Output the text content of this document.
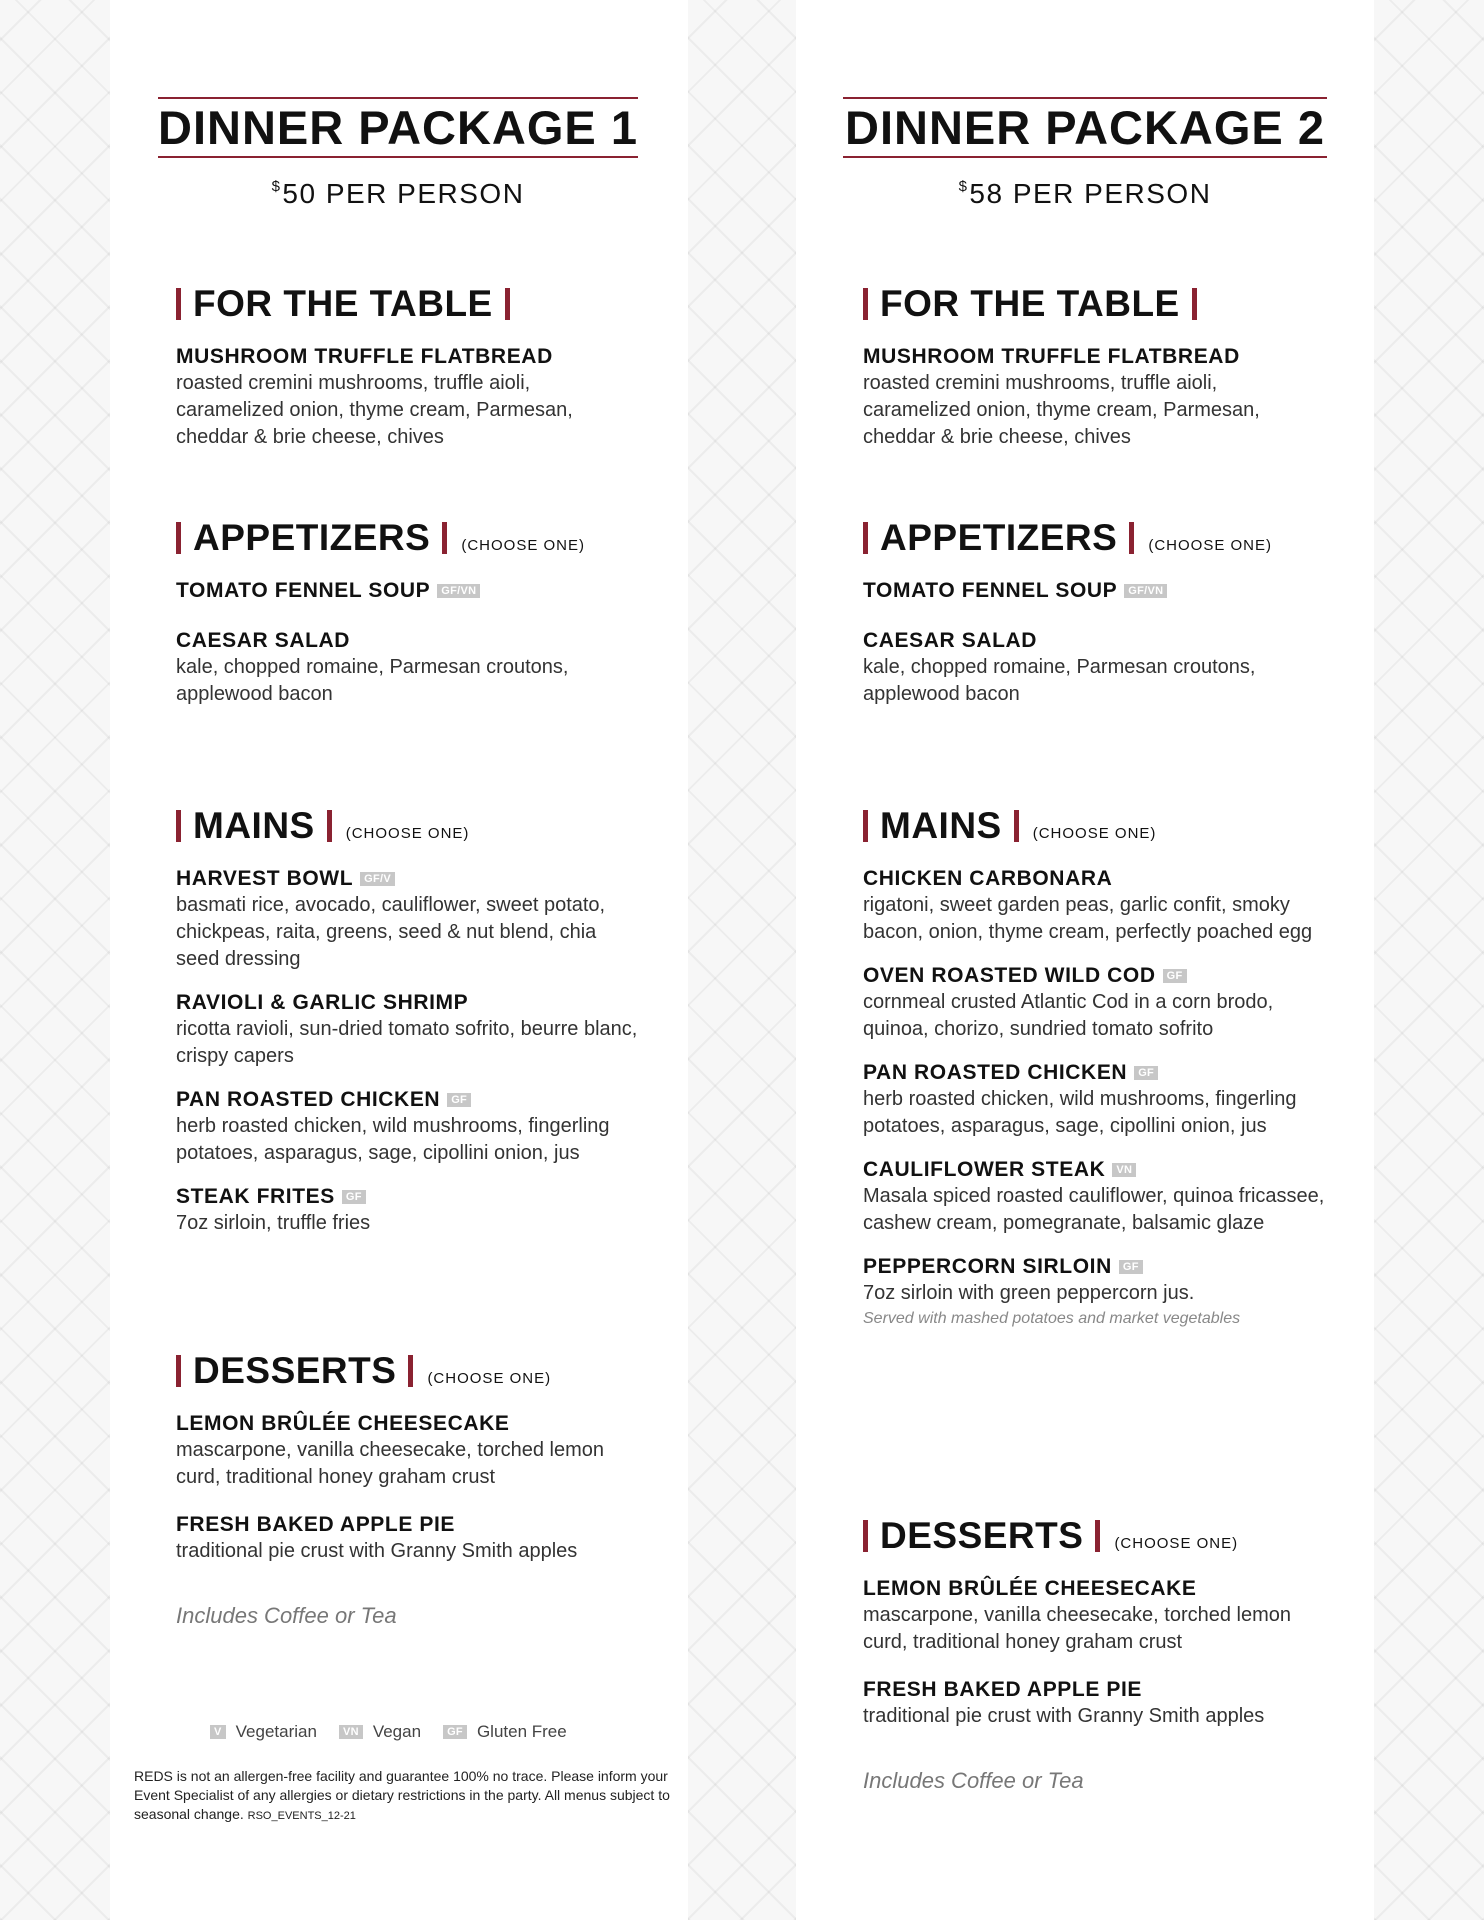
DINNER PACKAGE 1
$50 PER PERSON
FOR THE TABLE
MUSHROOM TRUFFLE FLATBREAD
roasted cremini mushrooms, truffle aioli, caramelized onion, thyme cream, Parmesan, cheddar & brie cheese, chives
APPETIZERS (CHOOSE ONE)
TOMATO FENNEL SOUP GF/VN
CAESAR SALAD
kale, chopped romaine, Parmesan croutons, applewood bacon
MAINS (CHOOSE ONE)
HARVEST BOWL GF/V
basmati rice, avocado, cauliflower, sweet potato, chickpeas, raita, greens, seed & nut blend, chia seed dressing
RAVIOLI & GARLIC SHRIMP
ricotta ravioli, sun-dried tomato sofrito, beurre blanc, crispy capers
PAN ROASTED CHICKEN GF
herb roasted chicken, wild mushrooms, fingerling potatoes, asparagus, sage, cipollini onion, jus
STEAK FRITES GF
7oz sirloin, truffle fries
DESSERTS (CHOOSE ONE)
LEMON BRÛLÉE CHEESECAKE
mascarpone, vanilla cheesecake, torched lemon curd, traditional honey graham crust
FRESH BAKED APPLE PIE
traditional pie crust with Granny Smith apples
Includes Coffee or Tea
DINNER PACKAGE 2
$58 PER PERSON
FOR THE TABLE
MUSHROOM TRUFFLE FLATBREAD
roasted cremini mushrooms, truffle aioli, caramelized onion, thyme cream, Parmesan, cheddar & brie cheese, chives
APPETIZERS (CHOOSE ONE)
TOMATO FENNEL SOUP GF/VN
CAESAR SALAD
kale, chopped romaine, Parmesan croutons, applewood bacon
MAINS (CHOOSE ONE)
CHICKEN CARBONARA
rigatoni, sweet garden peas, garlic confit, smoky bacon, onion, thyme cream, perfectly poached egg
OVEN ROASTED WILD COD GF
cornmeal crusted Atlantic Cod in a corn brodo, quinoa, chorizo, sundried tomato sofrito
PAN ROASTED CHICKEN GF
herb roasted chicken, wild mushrooms, fingerling potatoes, asparagus, sage, cipollini onion, jus
CAULIFLOWER STEAK VN
Masala spiced roasted cauliflower, quinoa fricassee, cashew cream, pomegranate, balsamic glaze
PEPPERCORN SIRLOIN GF
7oz sirloin with green peppercorn jus.
Served with mashed potatoes and market vegetables
DESSERTS (CHOOSE ONE)
LEMON BRÛLÉE CHEESECAKE
mascarpone, vanilla cheesecake, torched lemon curd, traditional honey graham crust
FRESH BAKED APPLE PIE
traditional pie crust with Granny Smith apples
Includes Coffee or Tea
V Vegetarian	VN Vegan	GF Gluten Free
REDS is not an allergen-free facility and guarantee 100% no trace. Please inform your Event Specialist of any allergies or dietary restrictions in the party. All menus subject to seasonal change. RSO_EVENTS_12-21
